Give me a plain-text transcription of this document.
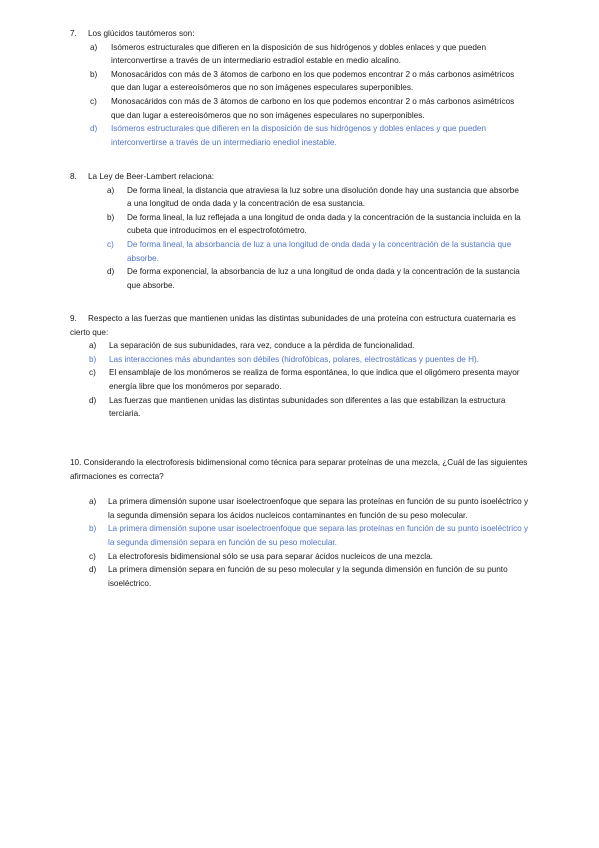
7. Los glúcidos tautómeros son:

a)	Isómeros estructurales que difieren en la disposición de sus hidrógenos y dobles enlaces y que pueden interconvertirse a través de un intermediario estradiol estable en medio alcalino.
b)	Monosacáridos con más de 3 átomos de carbono en los que podemos encontrar 2 o más carbonos asimétricos que dan lugar a estereoisómeros que no son imágenes especulares superponibles.
c)	Monosacáridos con más de 3 átomos de carbono en los que podemos encontrar 2 o más carbonos asimétricos que dan lugar a estereoisómeros que no son imágenes especulares no superponibles.
d)	Isómeros estructurales que difieren en la disposición de sus hidrógenos y dobles enlaces y que pueden interconvertirse a través de un intermediario enediol inestable.

8. La Ley de Beer-Lambert relaciona:

a)	De forma lineal, la distancia que atraviesa la luz sobre una disolución donde hay una sustancia que absorbe a una longitud de onda dada y la concentración de esa sustancia.
b)	De forma lineal, la luz reflejada a una longitud de onda dada y la concentración de la sustancia incluida en la cubeta que introducimos en el espectrofotómetro.
c)	De forma lineal, la absorbancia de luz a una longitud de onda dada y la concentración de la sustancia que absorbe.
d)	De forma exponencial, la absorbancia de luz a una longitud de onda dada y la concentración de la sustancia que absorbe.

9. Respecto a las fuerzas que mantienen unidas las distintas subunidades de una proteína con estructura cuaternaria es cierto que:

a)	La separación de sus subunidades, rara vez, conduce a la pérdida de funcionalidad.
b)	Las interacciones más abundantes son débiles (hidrofóbicas, polares, electrostáticas y puentes de H).
c)	El ensamblaje de los monómeros se realiza de forma espontánea, lo que indica que el oligómero presenta mayor energía libre que los monómeros por separado.
d)	Las fuerzas que mantienen unidas las distintas subunidades son diferentes a las que estabilizan la estructura terciaria.

10. Considerando la electroforesis bidimensional como técnica para separar proteínas de una mezcla, ¿Cuál de las siguientes afirmaciones es correcta?

a)	La primera dimensión supone usar isoelectroenfoque que separa las proteínas en función de su punto isoeléctrico y la segunda dimensión separa los ácidos nucleicos contaminantes en función de su peso molecular.
b)	La primera dimensión supone usar isoelectroenfoque que separa las proteínas en función de su punto isoeléctrico y la segunda dimensión separa en función de su peso molecular.
c)	La electroforesis bidimensional sólo se usa para separar ácidos nucleicos de una mezcla.
d)	La primera dimensión separa en función de su peso molecular y la segunda dimensión en función de su punto isoeléctrico.
